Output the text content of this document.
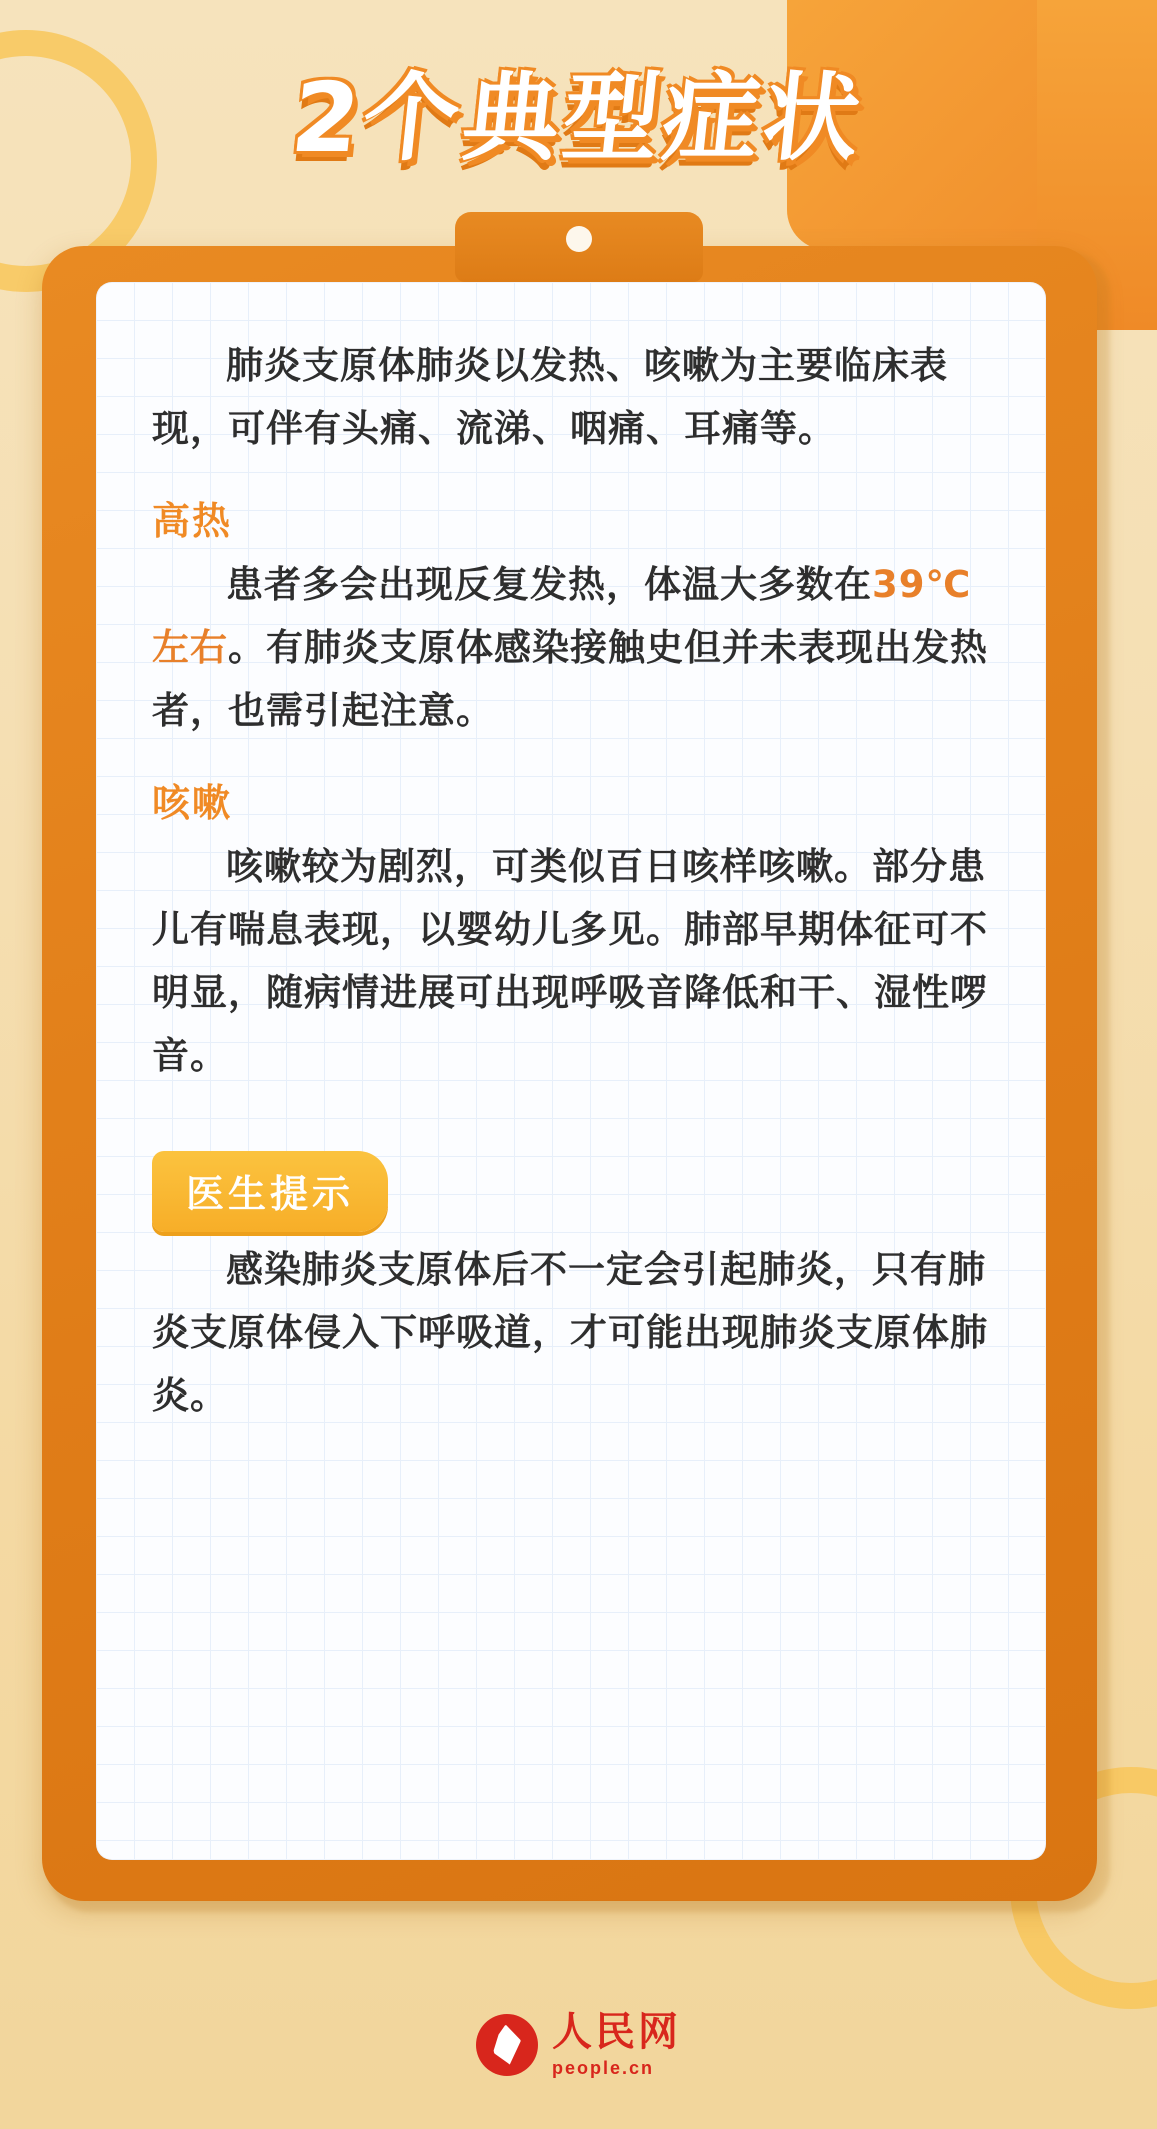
2个典型症状

肺炎支原体肺炎以发热、咳嗽为主要临床表现，可伴有头痛、流涕、咽痛、耳痛等。

高热

患者多会出现反复发热，体温大多数在39℃左右。有肺炎支原体感染接触史但并未表现出发热者，也需引起注意。

咳嗽

咳嗽较为剧烈，可类似百日咳样咳嗽。部分患儿有喘息表现，以婴幼儿多见。肺部早期体征可不明显，随病情进展可出现呼吸音降低和干、湿性啰音。

医生提示

感染肺炎支原体后不一定会引起肺炎，只有肺炎支原体侵入下呼吸道，才可能出现肺炎支原体肺炎。

人民网
people.cn
